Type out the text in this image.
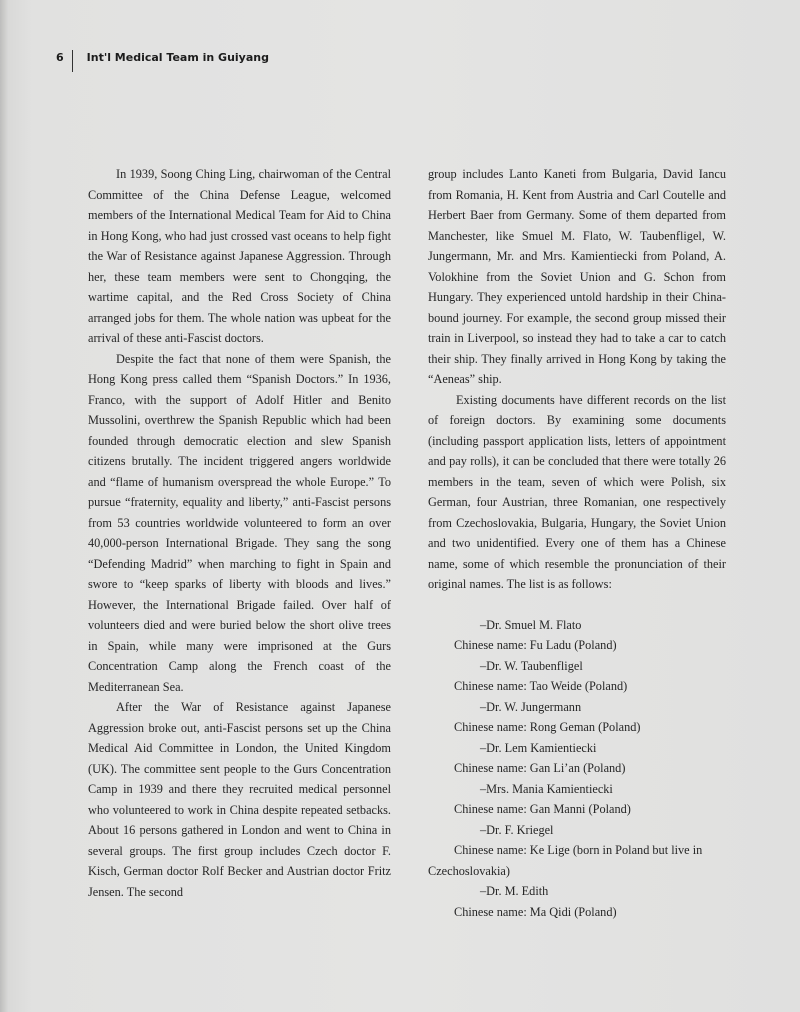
6 Int'l Medical Team in Guiyang

In 1939, Soong Ching Ling, chairwoman of the Central Committee of the China Defense League, welcomed members of the International Medical Team for Aid to China in Hong Kong, who had just crossed vast oceans to help fight the War of Resistance against Japanese Aggression. Through her, these team members were sent to Chongqing, the wartime capital, and the Red Cross Society of China arranged jobs for them. The whole nation was upbeat for the arrival of these anti-Fascist doctors.

Despite the fact that none of them were Spanish, the Hong Kong press called them “Spanish Doctors.” In 1936, Franco, with the support of Adolf Hitler and Benito Mussolini, overthrew the Spanish Republic which had been founded through democratic election and slew Spanish citizens brutally. The incident triggered angers worldwide and “flame of humanism overspread the whole Europe.” To pursue “fraternity, equality and liberty,” anti-Fascist persons from 53 countries worldwide volunteered to form an over 40,000-person International Brigade. They sang the song “Defending Madrid” when marching to fight in Spain and swore to “keep sparks of liberty with bloods and lives.” However, the International Brigade failed. Over half of volunteers died and were buried below the short olive trees in Spain, while many were imprisoned at the Gurs Concentration Camp along the French coast of the Mediterranean Sea.

After the War of Resistance against Japanese Aggression broke out, anti-Fascist persons set up the China Medical Aid Committee in London, the United Kingdom (UK). The committee sent people to the Gurs Concentration Camp in 1939 and there they recruited medical personnel who volunteered to work in China despite repeated setbacks. About 16 persons gathered in London and went to China in several groups. The first group includes Czech doctor F. Kisch, German doctor Rolf Becker and Austrian doctor Fritz Jensen. The second

group includes Lanto Kaneti from Bulgaria, David Iancu from Romania, H. Kent from Austria and Carl Coutelle and Herbert Baer from Germany. Some of them departed from Manchester, like Smuel M. Flato, W. Taubenfligel, W. Jungermann, Mr. and Mrs. Kamientiecki from Poland, A. Volokhine from the Soviet Union and G. Schon from Hungary. They experienced untold hardship in their China-bound journey. For example, the second group missed their train in Liverpool, so instead they had to take a car to catch their ship. They finally arrived in Hong Kong by taking the “Aeneas” ship.

Existing documents have different records on the list of foreign doctors. By examining some documents (including passport application lists, letters of appointment and pay rolls), it can be concluded that there were totally 26 members in the team, seven of which were Polish, six German, four Austrian, three Romanian, one respectively from Czechoslovakia, Bulgaria, Hungary, the Soviet Union and two unidentified. Every one of them has a Chinese name, some of which resemble the pronunciation of their original names. The list is as follows:

–Dr. Smuel M. Flato
Chinese name: Fu Ladu (Poland)
–Dr. W. Taubenfligel
Chinese name: Tao Weide (Poland)
–Dr. W. Jungermann
Chinese name: Rong Geman (Poland)
–Dr. Lem Kamientiecki
Chinese name: Gan Li’an (Poland)
–Mrs. Mania Kamientiecki
Chinese name: Gan Manni (Poland)
–Dr. F. Kriegel
Chinese name: Ke Lige (born in Poland but live in Czechoslovakia)
–Dr. M. Edith
Chinese name: Ma Qidi (Poland)
